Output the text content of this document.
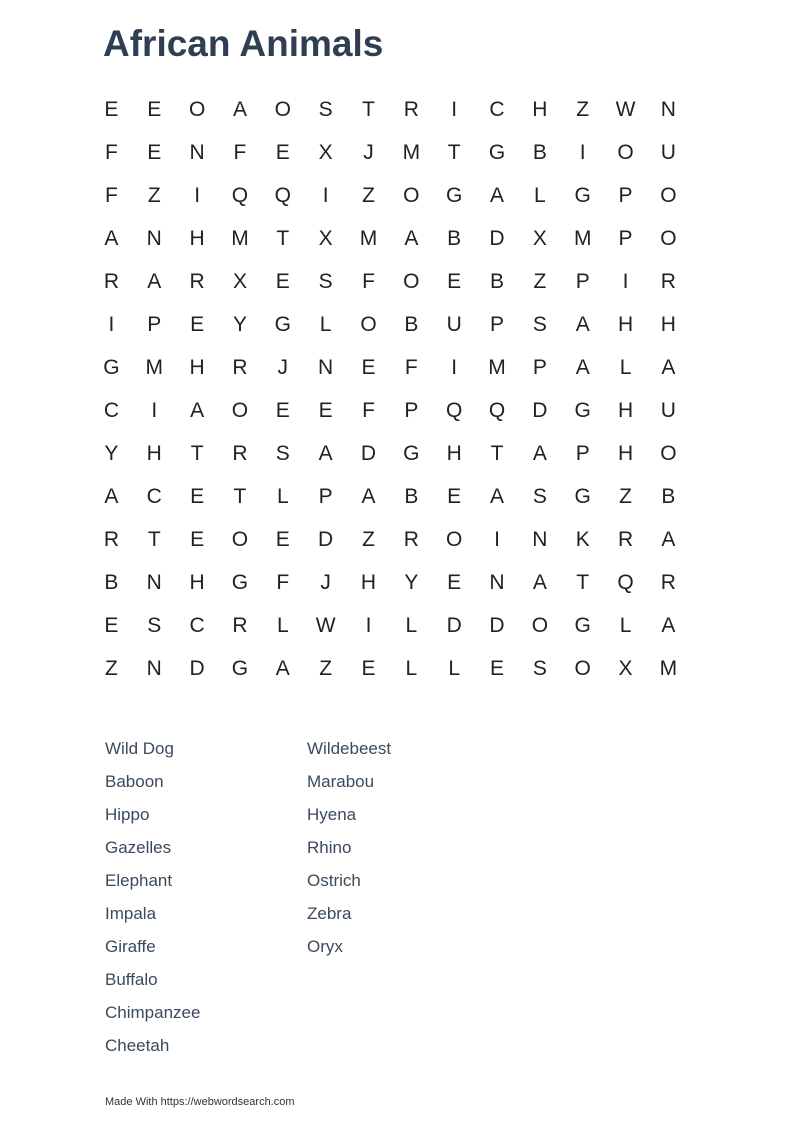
African Animals
E	E	O	A	O	S	T	R	I	C	H	Z	W	N
F	E	N	F	E	X	J	M	T	G	B	I	O	U
F	Z	I	Q	Q	I	Z	O	G	A	L	G	P	O
A	N	H	M	T	X	M	A	B	D	X	M	P	O
R	A	R	X	E	S	F	O	E	B	Z	P	I	R
I	P	E	Y	G	L	O	B	U	P	S	A	H	H
G	M	H	R	J	N	E	F	I	M	P	A	L	A
C	I	A	O	E	E	F	P	Q	Q	D	G	H	U
Y	H	T	R	S	A	D	G	H	T	A	P	H	O
A	C	E	T	L	P	A	B	E	A	S	G	Z	B
R	T	E	O	E	D	Z	R	O	I	N	K	R	A
B	N	H	G	F	J	H	Y	E	N	A	T	Q	R
E	S	C	R	L	W	I	L	D	D	O	G	L	A
Z	N	D	G	A	Z	E	L	L	E	S	O	X	M
Wild Dog
Baboon
Hippo
Gazelles
Elephant
Impala
Giraffe
Buffalo
Chimpanzee
Cheetah
Wildebeest
Marabou
Hyena
Rhino
Ostrich
Zebra
Oryx
Made With https://webwordsearch.com
